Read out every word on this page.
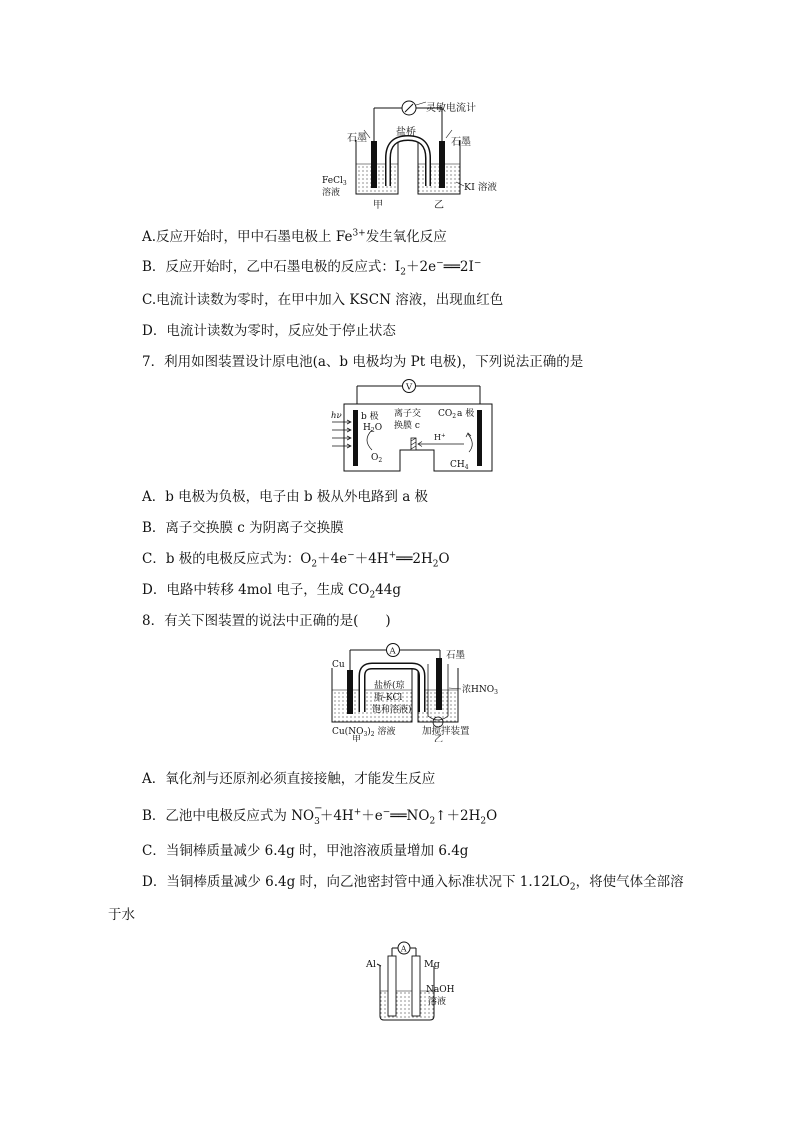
灵敏电流计
石墨
盐桥
石墨
FeCl$_3$
溶液	KI 溶液
甲	乙
A.反应开始时，甲中石墨电极上 $Fe^{3+}$发生氧化反应
B．反应开始时，乙中石墨电极的反应式：$I_2+2e^-══2I^-$
C.电流计读数为零时，在甲中加入 KSCN 溶液，出现血红色
D．电流计读数为零时，反应处于停止状态
7．利用如图装置设计原电池(a、b 电极均为 Pt 电极)，下列说法正确的是
V
hν b 极
$H_2O$
$O_2$
离子交
换膜 c
H+
$CO_2$ a 极
$CH_4$
A．b 电极为负极，电子由 b 极从外电路到 a 极
B．离子交换膜 c 为阴离子交换膜
C．b 极的电极反应式为：$O_2+4e^-+4H^+══2H_2O$
D．电路中转移 4mol 电子，生成 $CO_244g$
8．有关下图装置的说法中正确的是(　　)
A
Cu
石墨
盐桥(琼
脂-KCl
饱和溶液)
浓$HNO_3$
$Cu(NO_3)_2$ 溶液	加搅拌装置
甲	乙
A．氧化剂与还原剂必须直接接触，才能发生反应
B．乙池中电极反应式为 $NO_3+4H^++e^-══NO_2↑+2H_2O$
C．当铜棒质量减少 6.4g 时，甲池溶液质量增加 6.4g
D．当铜棒质量减少 6.4g 时，向乙池密封管中通入标准状况下 $1.12LO_2$，将使气体全部溶
于水
A
Al	Mg
NaOH
溶液
